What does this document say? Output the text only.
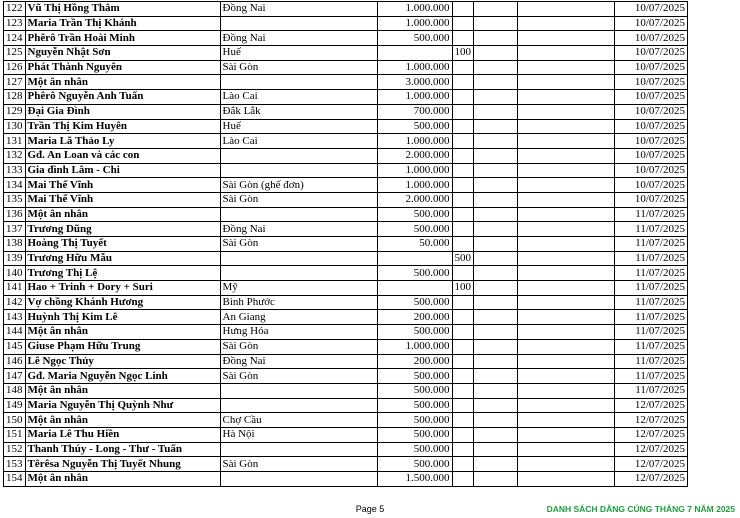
122	Vũ Thị Hồng Thắm	Đồng Nai	1.000.000				10/07/2025
123	Maria Trần Thị Khánh		1.000.000				10/07/2025
124	Phêrô Trần Hoài Minh	Đồng Nai	500.000				10/07/2025
125	Nguyễn Nhật Sơn	Huế		100			10/07/2025
126	Phát Thành Nguyên	Sài Gòn	1.000.000				10/07/2025
127	Một ân nhân		3.000.000				10/07/2025
128	Phêrô Nguyễn Anh Tuấn	Lào Cai	1.000.000				10/07/2025
129	Đại Gia Đình	Đắk Lắk	700.000				10/07/2025
130	Trần Thị Kim Huyên	Huế	500.000				10/07/2025
131	Maria Lã Thảo Ly	Lào Cai	1.000.000				10/07/2025
132	Gđ. An Loan và các con		2.000.000				10/07/2025
133	Gia đình Lâm - Chi		1.000.000				10/07/2025
134	Mai Thế Vĩnh	Sài Gòn (ghế đơn)	1.000.000				10/07/2025
135	Mai Thế Vĩnh	Sài Gòn	2.000.000				10/07/2025
136	Một ân nhân		500.000				11/07/2025
137	Trương Dũng	Đồng Nai	500.000				11/07/2025
138	Hoàng Thị Tuyết	Sài Gòn	50.000				11/07/2025
139	Trương Hữu Mẫu			500			11/07/2025
140	Trương Thị Lệ		500.000				11/07/2025
141	Hao + Trinh + Dory + Suri	Mỹ		100			11/07/2025
142	Vợ chồng Khánh Hương	Bình Phước	500.000				11/07/2025
143	Huỳnh Thị Kim Lê	An Giang	200.000				11/07/2025
144	Một ân nhân	Hưng Hóa	500.000				11/07/2025
145	Giuse Phạm Hữu Trung	Sài Gòn	1.000.000				11/07/2025
146	Lê Ngọc Thủy	Đồng Nai	200.000				11/07/2025
147	Gđ. Maria Nguyễn Ngọc Linh	Sài Gòn	500.000				11/07/2025
148	Một ân nhân		500.000				11/07/2025
149	Maria Nguyễn Thị Quỳnh Như		500.000				12/07/2025
150	Một ân nhân	Chợ Cầu	500.000				12/07/2025
151	Maria Lê Thu Hiền	Hà Nội	500.000				12/07/2025
152	Thanh Thúy - Long - Thư - Tuấn		500.000				12/07/2025
153	Têrêsa Nguyễn Thị Tuyết Nhung	Sài Gòn	500.000				12/07/2025
154	Một ân nhân		1.500.000				12/07/2025
Page 5	DANH SÁCH DÂNG CÚNG THÁNG 7 NĂM 2025
